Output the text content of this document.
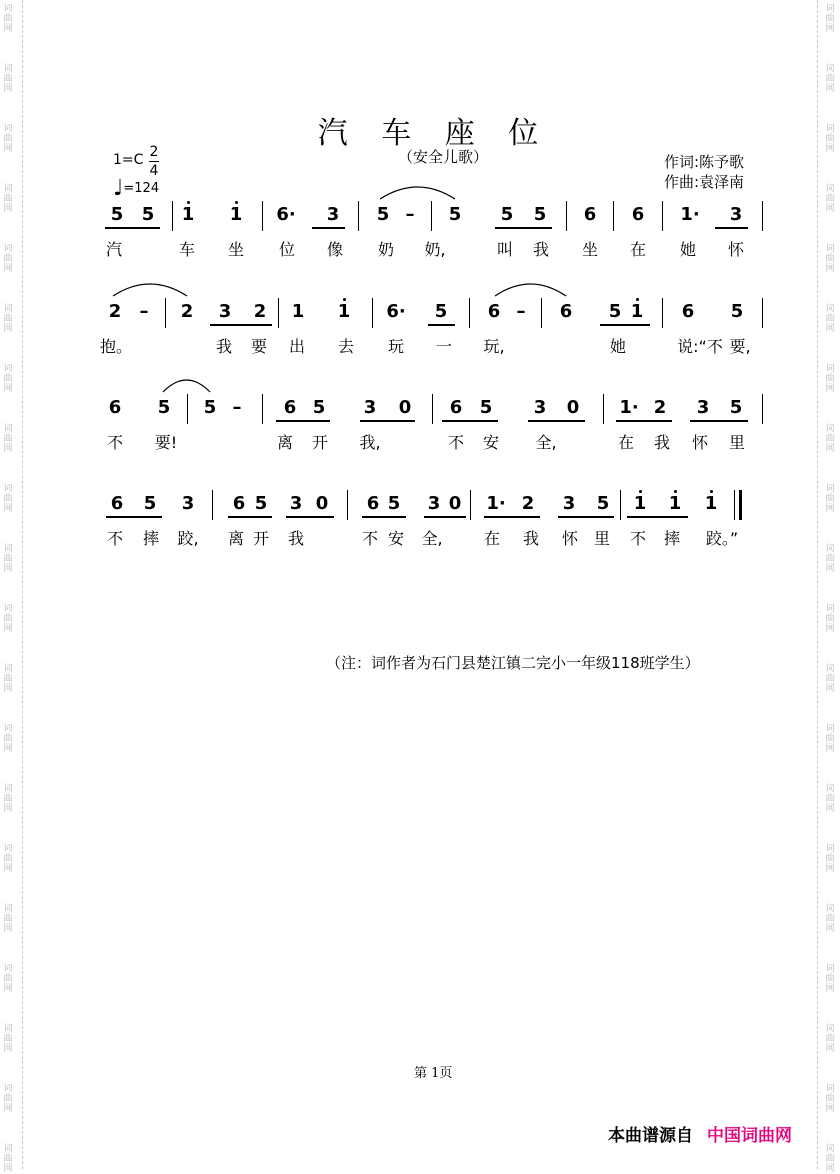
词
曲
网
词
曲
网
词
曲
网
词
曲
网
词
曲
网
词
曲
网
词
曲
网
词
曲
网
词
曲
网
词
曲
网
词
曲
网
词
曲
网
词
曲
网
词
曲
网
词
曲
网
词
曲
网
词
曲
网
词
曲
网
词
曲
网
词
曲
网
词
曲
网
词
曲
网
词
曲
网
词
曲
网
词
曲
网
词
曲
网
词
曲
网
词
曲
网
词
曲
网
词
曲
网
词
曲
网
词
曲
网
词
曲
网
词
曲
网
词
曲
网
词
曲
网
词
曲
网
词
曲
网
词
曲
网
词
曲
网
汽 车 座 位
（安全儿歌）
1=C 2
4
♩=124
作词:陈予歌
作曲:袁泽南
5 5 1 1 6· 3 5 – 5 5 5 6 6 1· 3
汽	车 坐 位 像 奶 奶,	叫 我 坐 在 她 怀
2 – 2 3 2 1 1 6· 5 6 – 6 5 1 6 5
抱。	我 要 出 去 玩 一 玩,	她	说:“不 要,
6 5 5 – 6 5 3 0 6 5 3 0 1· 2 3 5
不 要!	离 开 我,	不 安 全,	在 我 怀 里
6 5 3 6 5 3 0 6 5 3 0 1· 2 3 5 1 1 1
不 摔 跤, 离 开 我	不 安 全,	在 我 怀 里 不 摔 跤。”
（注：词作者为石门县楚江镇二完小一年级118班学生）
第 1页
本曲谱源自 中国词曲网
